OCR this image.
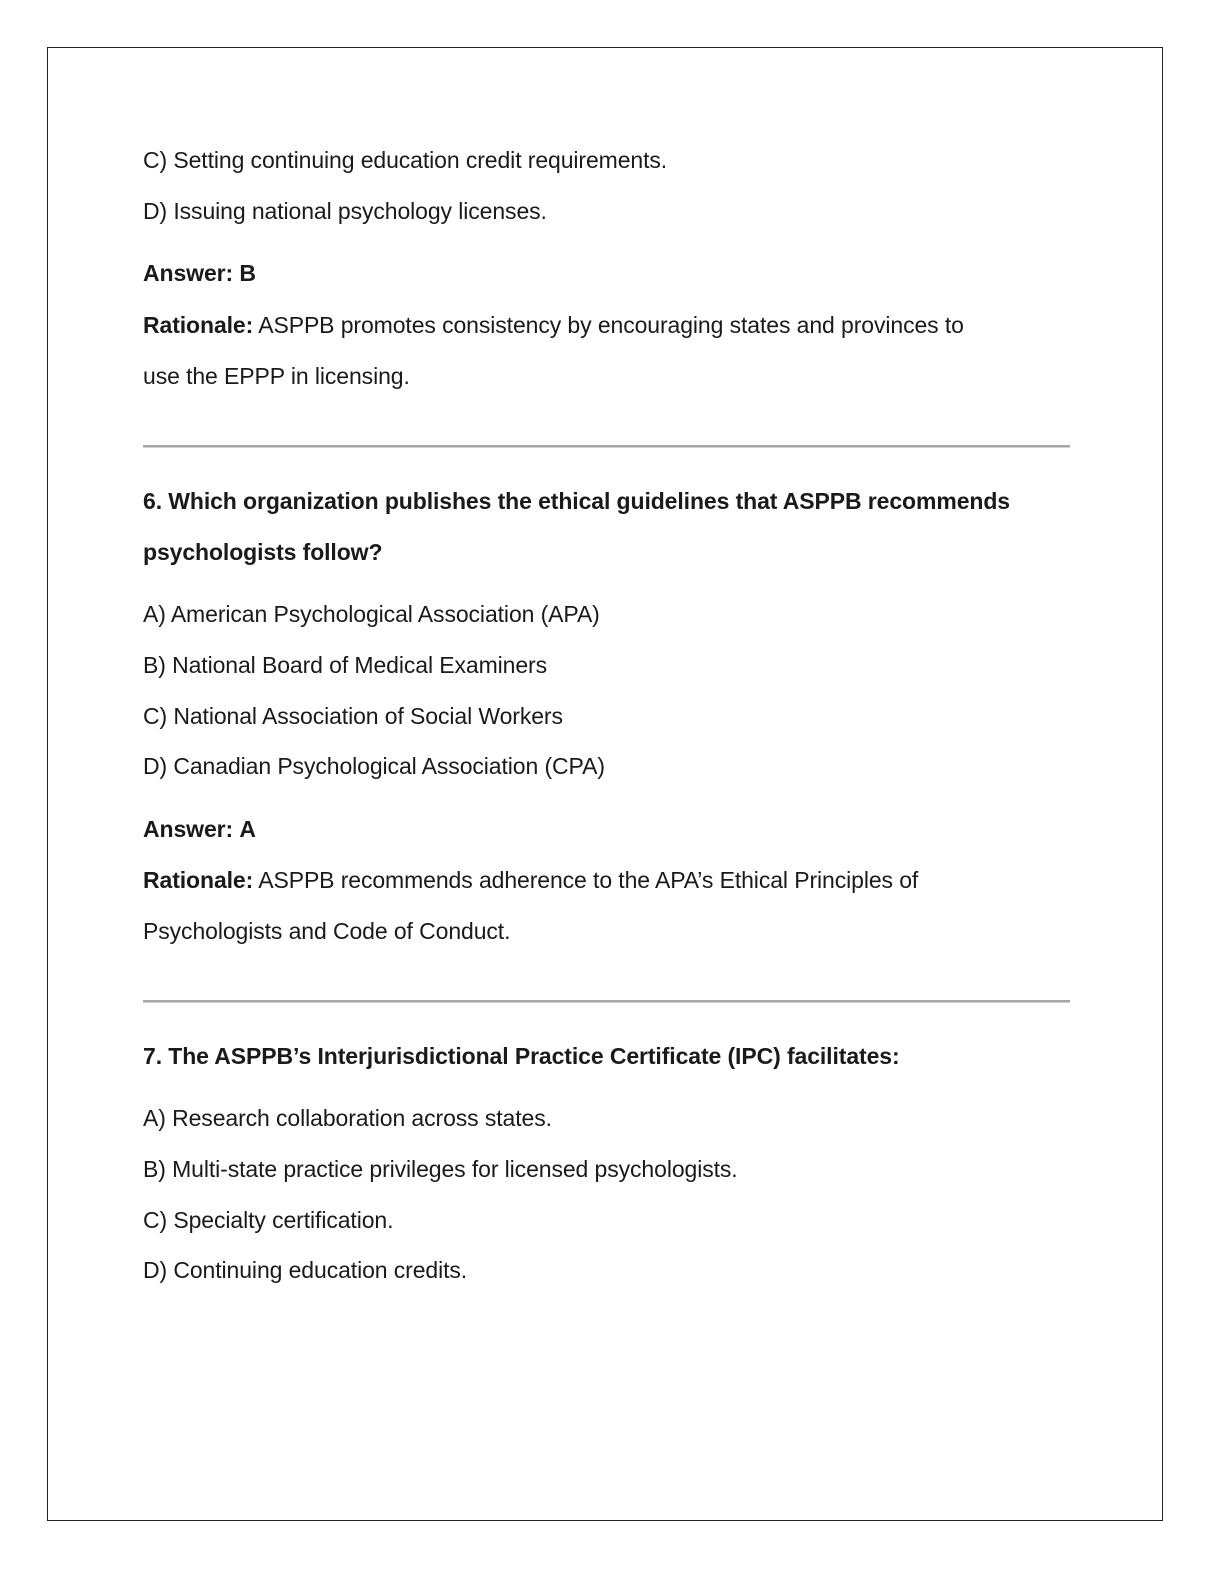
C) Setting continuing education credit requirements.
D) Issuing national psychology licenses.
Answer: B
Rationale: ASPPB promotes consistency by encouraging states and provinces to
use the EPPP in licensing.
6. Which organization publishes the ethical guidelines that ASPPB recommends
psychologists follow?
A) American Psychological Association (APA)
B) National Board of Medical Examiners
C) National Association of Social Workers
D) Canadian Psychological Association (CPA)
Answer: A
Rationale: ASPPB recommends adherence to the APA’s Ethical Principles of
Psychologists and Code of Conduct.
7. The ASPPB’s Interjurisdictional Practice Certificate (IPC) facilitates:
A) Research collaboration across states.
B) Multi-state practice privileges for licensed psychologists.
C) Specialty certification.
D) Continuing education credits.
